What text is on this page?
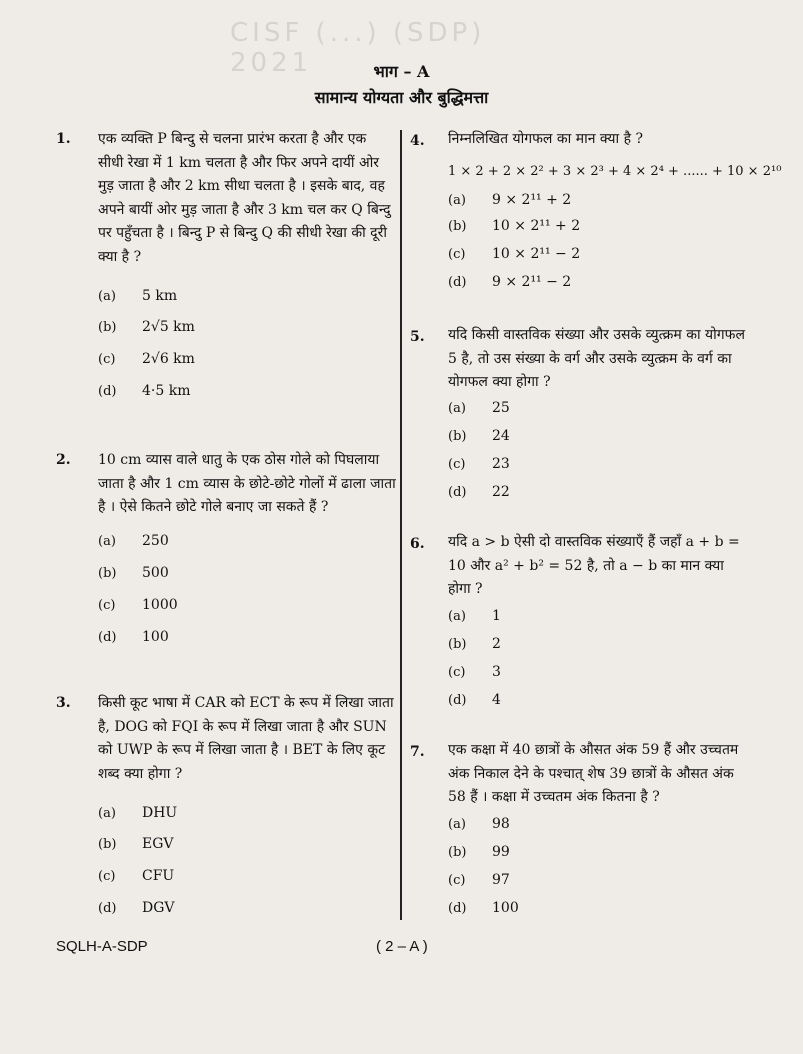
CISF (...) (SDP) 2021	भाग – A
सामान्य योग्यता और बुद्धिमत्ता
1. एक व्यक्ति P बिन्दु से चलना प्रारंभ करता है और एक सीधी रेखा में 1 km चलता है और फिर अपने दायीं ओर मुड़ जाता है और 2 km सीधा चलता है । इसके बाद, वह अपने बायीं ओर मुड़ जाता है और 3 km चल कर Q बिन्दु पर पहुँचता है । बिन्दु P से बिन्दु Q की सीधी रेखा की दूरी क्या है ?
(a) 5 km
(b) 2√5 km
(c) 2√6 km
(d) 4·5 km
2. 10 cm व्यास वाले धातु के एक ठोस गोले को पिघलाया जाता है और 1 cm व्यास के छोटे-छोटे गोलों में ढाला जाता है । ऐसे कितने छोटे गोले बनाए जा सकते हैं ?
(a) 250
(b) 500
(c) 1000
(d) 100
3. किसी कूट भाषा में CAR को ECT के रूप में लिखा जाता है, DOG को FQI के रूप में लिखा जाता है और SUN को UWP के रूप में लिखा जाता है । BET के लिए कूट शब्द क्या होगा ?
(a) DHU
(b) EGV
(c) CFU
(d) DGV
4. निम्नलिखित योगफल का मान क्या है ?
1 × 2 + 2 × 2² + 3 × 2³ + 4 × 2⁴ + ...... + 10 × 2¹⁰
(a) 9 × 2¹¹ + 2
(b) 10 × 2¹¹ + 2
(c) 10 × 2¹¹ − 2
(d) 9 × 2¹¹ − 2
5. यदि किसी वास्तविक संख्या और उसके व्युत्क्रम का योगफल 5 है, तो उस संख्या के वर्ग और उसके व्युत्क्रम के वर्ग का योगफल क्या होगा ?
(a) 25
(b) 24
(c) 23
(d) 22
6. यदि a > b ऐसी दो वास्तविक संख्याएँ हैं जहाँ a + b = 10 और a² + b² = 52 है, तो a − b का मान क्या होगा ?
(a) 1
(b) 2
(c) 3
(d) 4
7. एक कक्षा में 40 छात्रों के औसत अंक 59 हैं और उच्चतम अंक निकाल देने के पश्चात् शेष 39 छात्रों के औसत अंक 58 हैं । कक्षा में उच्चतम अंक कितना है ?
(a) 98
(b) 99
(c) 97
(d) 100
SQLH-A-SDP	( 2 – A )
